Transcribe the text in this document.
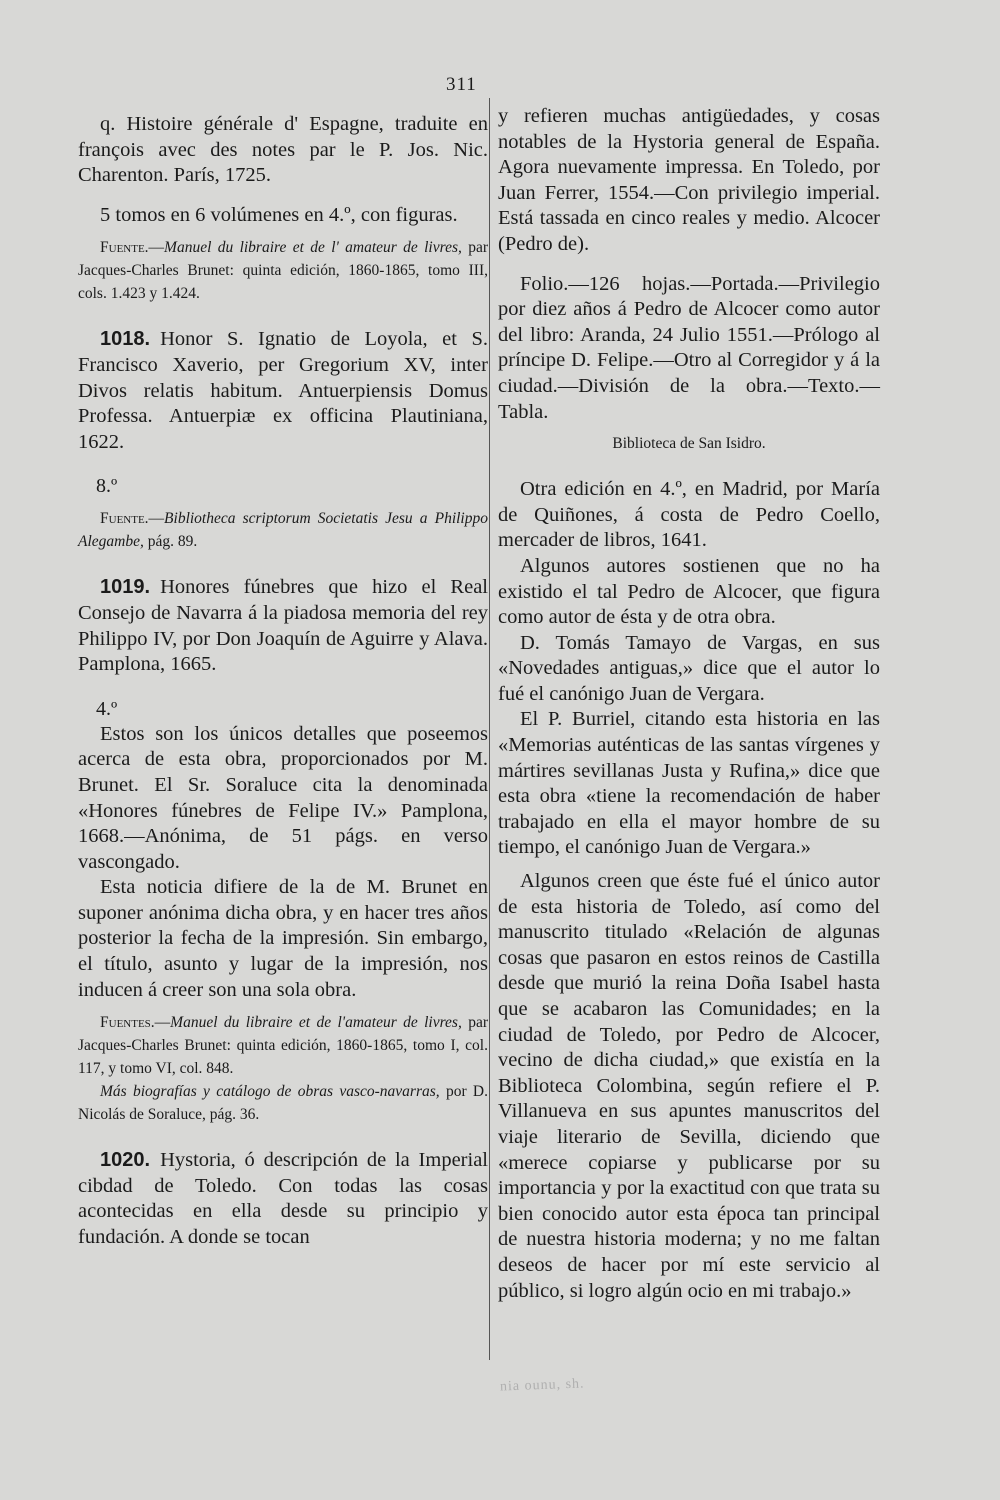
311

q. Histoire générale d' Espagne, traduite en françois avec des notes par le P. Jos. Nic. Charenton. París, 1725.

5 tomos en 6 volúmenes en 4.º, con figuras.

Fuente.—Manuel du libraire et de l' amateur de livres, par Jacques-Charles Brunet: quinta edición, 1860-1865, tomo III, cols. 1.423 y 1.424.

1018. Honor S. Ignatio de Loyola, et S. Francisco Xaverio, per Gregorium XV, inter Divos relatis habitum. Antuerpiensis Domus Professa. Antuerpiæ ex officina Plautiniana, 1622.

8.º

Fuente.—Bibliotheca scriptorum Societatis Jesu a Philippo Alegambe, pág. 89.

1019. Honores fúnebres que hizo el Real Consejo de Navarra á la piadosa memoria del rey Philippo IV, por Don Joaquín de Aguirre y Alava. Pamplona, 1665.

4.º

Estos son los únicos detalles que poseemos acerca de esta obra, proporcionados por M. Brunet. El Sr. Soraluce cita la denominada «Honores fúnebres de Felipe IV.» Pamplona, 1668.—Anónima, de 51 págs. en verso vascongado.

Esta noticia difiere de la de M. Brunet en suponer anónima dicha obra, y en hacer tres años posterior la fecha de la impresión. Sin embargo, el título, asunto y lugar de la impresión, nos inducen á creer son una sola obra.

Fuentes.—Manuel du libraire et de l'amateur de livres, par Jacques-Charles Brunet: quinta edición, 1860-1865, tomo I, col. 117, y tomo VI, col. 848.

Más biografías y catálogo de obras vasco-navarras, por D. Nicolás de Soraluce, pág. 36.

1020. Hystoria, ó descripción de la Imperial cibdad de Toledo. Con todas las cosas acontecidas en ella desde su principio y fundación. A donde se tocan

y refieren muchas antigüedades, y cosas notables de la Hystoria general de España. Agora nuevamente impressa. En Toledo, por Juan Ferrer, 1554.—Con privilegio imperial. Está tassada en cinco reales y medio. Alcocer (Pedro de).

Folio.—126 hojas.—Portada.—Privilegio por diez años á Pedro de Alcocer como autor del libro: Aranda, 24 Julio 1551.—Prólogo al príncipe D. Felipe.—Otro al Corregidor y á la ciudad.—División de la obra.—Texto.—Tabla.

Biblioteca de San Isidro.

Otra edición en 4.º, en Madrid, por María de Quiñones, á costa de Pedro Coello, mercader de libros, 1641.

Algunos autores sostienen que no ha existido el tal Pedro de Alcocer, que figura como autor de ésta y de otra obra.

D. Tomás Tamayo de Vargas, en sus «Novedades antiguas,» dice que el autor lo fué el canónigo Juan de Vergara.

El P. Burriel, citando esta historia en las «Memorias auténticas de las santas vírgenes y mártires sevillanas Justa y Rufina,» dice que esta obra «tiene la recomendación de haber trabajado en ella el mayor hombre de su tiempo, el canónigo Juan de Vergara.»

Algunos creen que éste fué el único autor de esta historia de Toledo, así como del manuscrito titulado «Relación de algunas cosas que pasaron en estos reinos de Castilla desde que murió la reina Doña Isabel hasta que se acabaron las Comunidades; en la ciudad de Toledo, por Pedro de Alcocer, vecino de dicha ciudad,» que existía en la Biblioteca Colombina, según refiere el P. Villanueva en sus apuntes manuscritos del viaje literario de Sevilla, diciendo que «merece copiarse y publicarse por su importancia y por la exactitud con que trata su bien conocido autor esta época tan principal de nuestra historia moderna; y no me faltan deseos de hacer por mí este servicio al público, si logro algún ocio en mi trabajo.»

nia ounu, sh.
